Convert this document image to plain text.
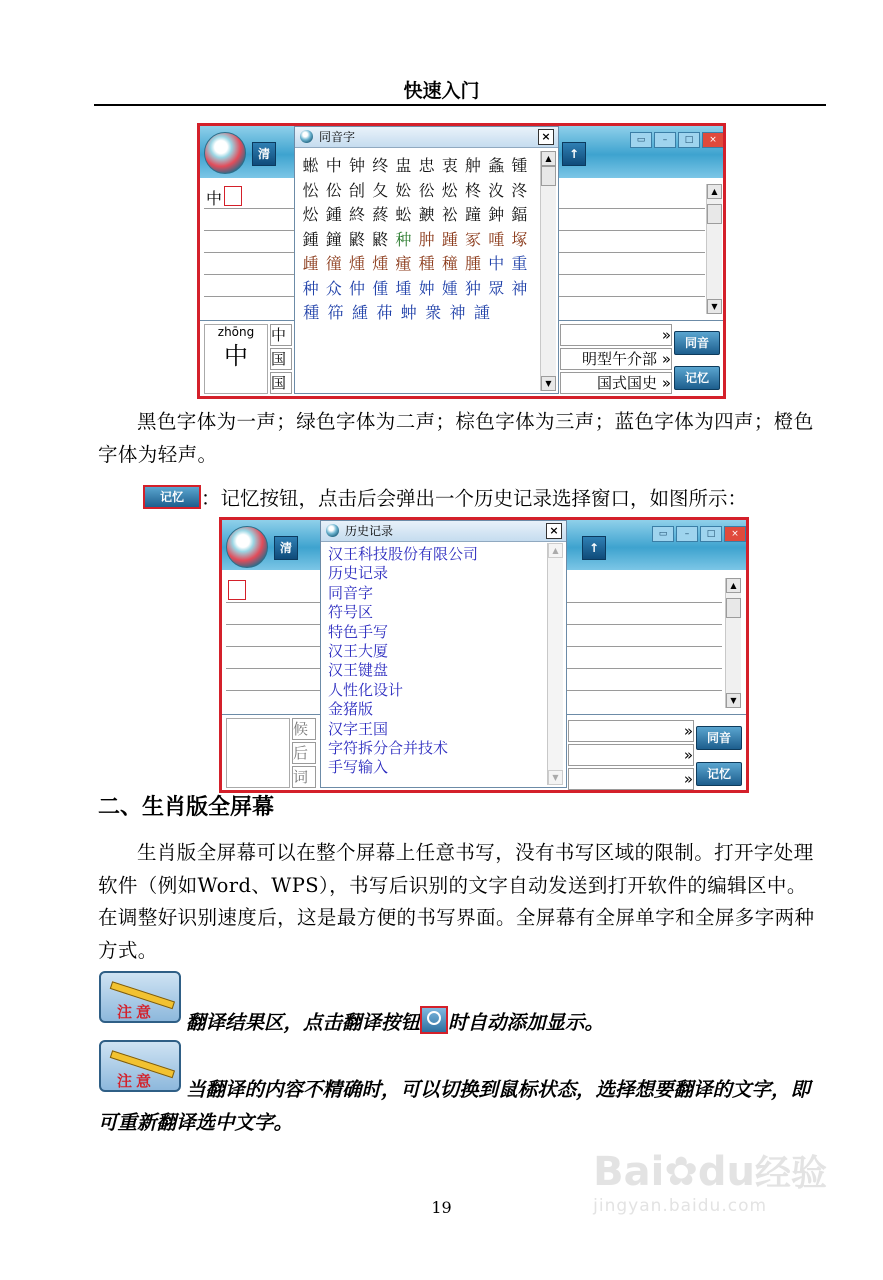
快速入门
清	↑
▭	–	□	×
中	▲
▼
zhōng
中
中
国
国
»
明型午介部 »
国式国史 »
同音
记忆
同音字	×
蜙 中 钟 终 盅 忠 衷 舯 螽 锺
忪 伀 刣 夂 妐 彸 炂 柊 汷 泈
炂 鍾 終 蔠 蚣 螤 衳 蹱 鈡 鍢
鍾 鐘 鼨 鼨 种 肿 踵 冢 喠 塚
歱 徸 煄 煄 瘇 種 穜 腫 中 重
种 众 仲 偅 堹 妕 媑 狆 眾 神
種 筗 緟 茽 蚛 衆 神 諥
▲
▼
黑色字体为一声；绿色字体为二声；棕色字体为三声；蓝色字体为四声；橙色字体为轻声。
记忆 ：记忆按钮，点击后会弹出一个历史记录选择窗口，如图所示：
清	↑
▭	–	□	×
▲
▼
候
后
词
»
»
»
同音
记忆
历史记录	×
汉王科技股份有限公司
历史记录
同音字
符号区
特色手写
汉王大厦
汉王键盘
人性化设计
金猪版
汉字王国
字符拆分合并技术
手写输入
▲
▼
二、生肖版全屏幕
生肖版全屏幕可以在整个屏幕上任意书写，没有书写区域的限制。打开字处理软件（例如Word、WPS），书写后识别的文字自动发送到打开软件的编辑区中。在调整好识别速度后，这是最方便的书写界面。全屏幕有全屏单字和全屏多字两种方式。
注意 翻译结果区，点击翻译按钮 时自动添加显示。
注意	当翻译的内容不精确时，可以切换到鼠标状态，选择想要翻译的文字，即可重新翻译选中文字。
19
Bai✿du经验
jingyan.baidu.com
